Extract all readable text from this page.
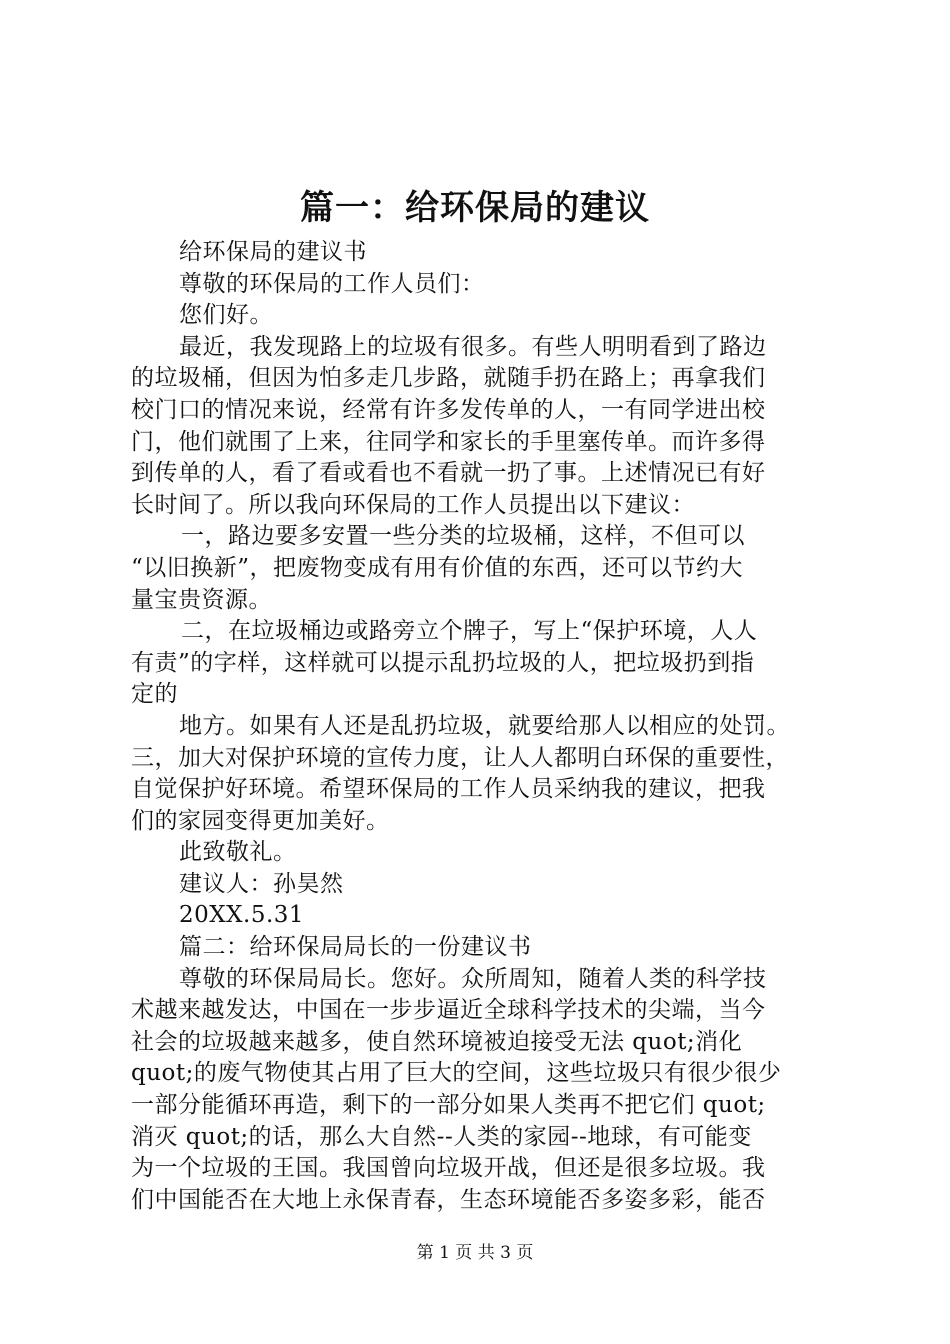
篇一：给环保局的建议
给环保局的建议书
尊敬的环保局的工作人员们：
您们好。
最近，我发现路上的垃圾有很多。有些人明明看到了路边
的垃圾桶，但因为怕多走几步路，就随手扔在路上；再拿我们
校门口的情况来说，经常有许多发传单的人，一有同学进出校
门，他们就围了上来，往同学和家长的手里塞传单。而许多得
到传单的人，看了看或看也不看就一扔了事。上述情况已有好
长时间了。所以我向环保局的工作人员提出以下建议：
一，路边要多安置一些分类的垃圾桶，这样，不但可以
“以旧换新”，把废物变成有用有价值的东西，还可以节约大
量宝贵资源。
二，在垃圾桶边或路旁立个牌子，写上“保护环境，人人
有责”的字样，这样就可以提示乱扔垃圾的人，把垃圾扔到指
定的
地方。如果有人还是乱扔垃圾，就要给那人以相应的处罚。
三，加大对保护环境的宣传力度，让人人都明白环保的重要性，
自觉保护好环境。希望环保局的工作人员采纳我的建议，把我
们的家园变得更加美好。
此致敬礼。
建议人：孙昊然
20XX.5.31
篇二：给环保局局长的一份建议书
尊敬的环保局局长。您好。众所周知，随着人类的科学技
术越来越发达，中国在一步步逼近全球科学技术的尖端，当今
社会的垃圾越来越多，使自然环境被迫接受无法 quot;消化
quot;的废气物使其占用了巨大的空间，这些垃圾只有很少很少
一部分能循环再造，剩下的一部分如果人类再不把它们 quot;
消灭 quot;的话，那么大自然--人类的家园--地球，有可能变
为一个垃圾的王国。我国曾向垃圾开战，但还是很多垃圾。我
们中国能否在大地上永保青春，生态环境能否多姿多彩，能否
第 1 页 共 3 页
